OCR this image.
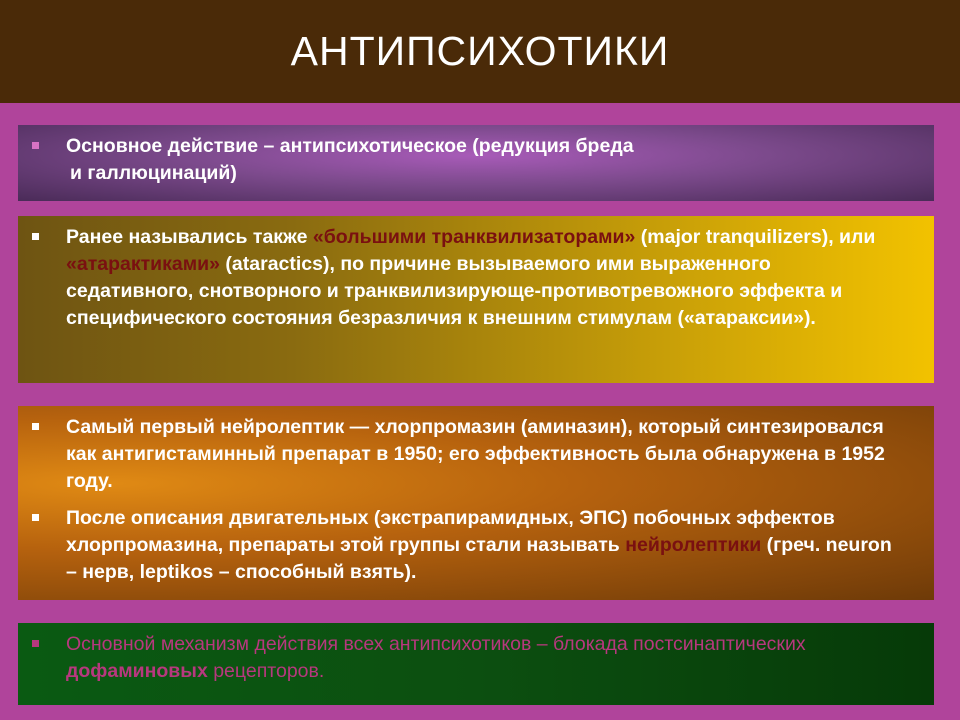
АНТИПСИХОТИКИ

Основное действие – антипсихотическое (редукция бреда
и галлюцинаций)

Ранее назывались также «большими транквилизаторами» (major tranquilizers), или «атарактиками» (ataractics), по причине вызываемого ими выраженного седативного, снотворного и транквилизирующе-противотревожного эффекта и специфического состояния безразличия к внешним стимулам («атараксии»).

Самый первый нейролептик — хлорпромазин (аминазин), который синтезировался как антигистаминный препарат в 1950; его эффективность была обнаружена в 1952 году.

После описания двигательных (экстрапирамидных, ЭПС) побочных эффектов хлорпромазина, препараты этой группы стали называть нейролептики (греч. neuron – нерв, leptikos – способный взять).

Основной механизм действия всех антипсихотиков – блокада постсинаптических дофаминовых рецепторов.
